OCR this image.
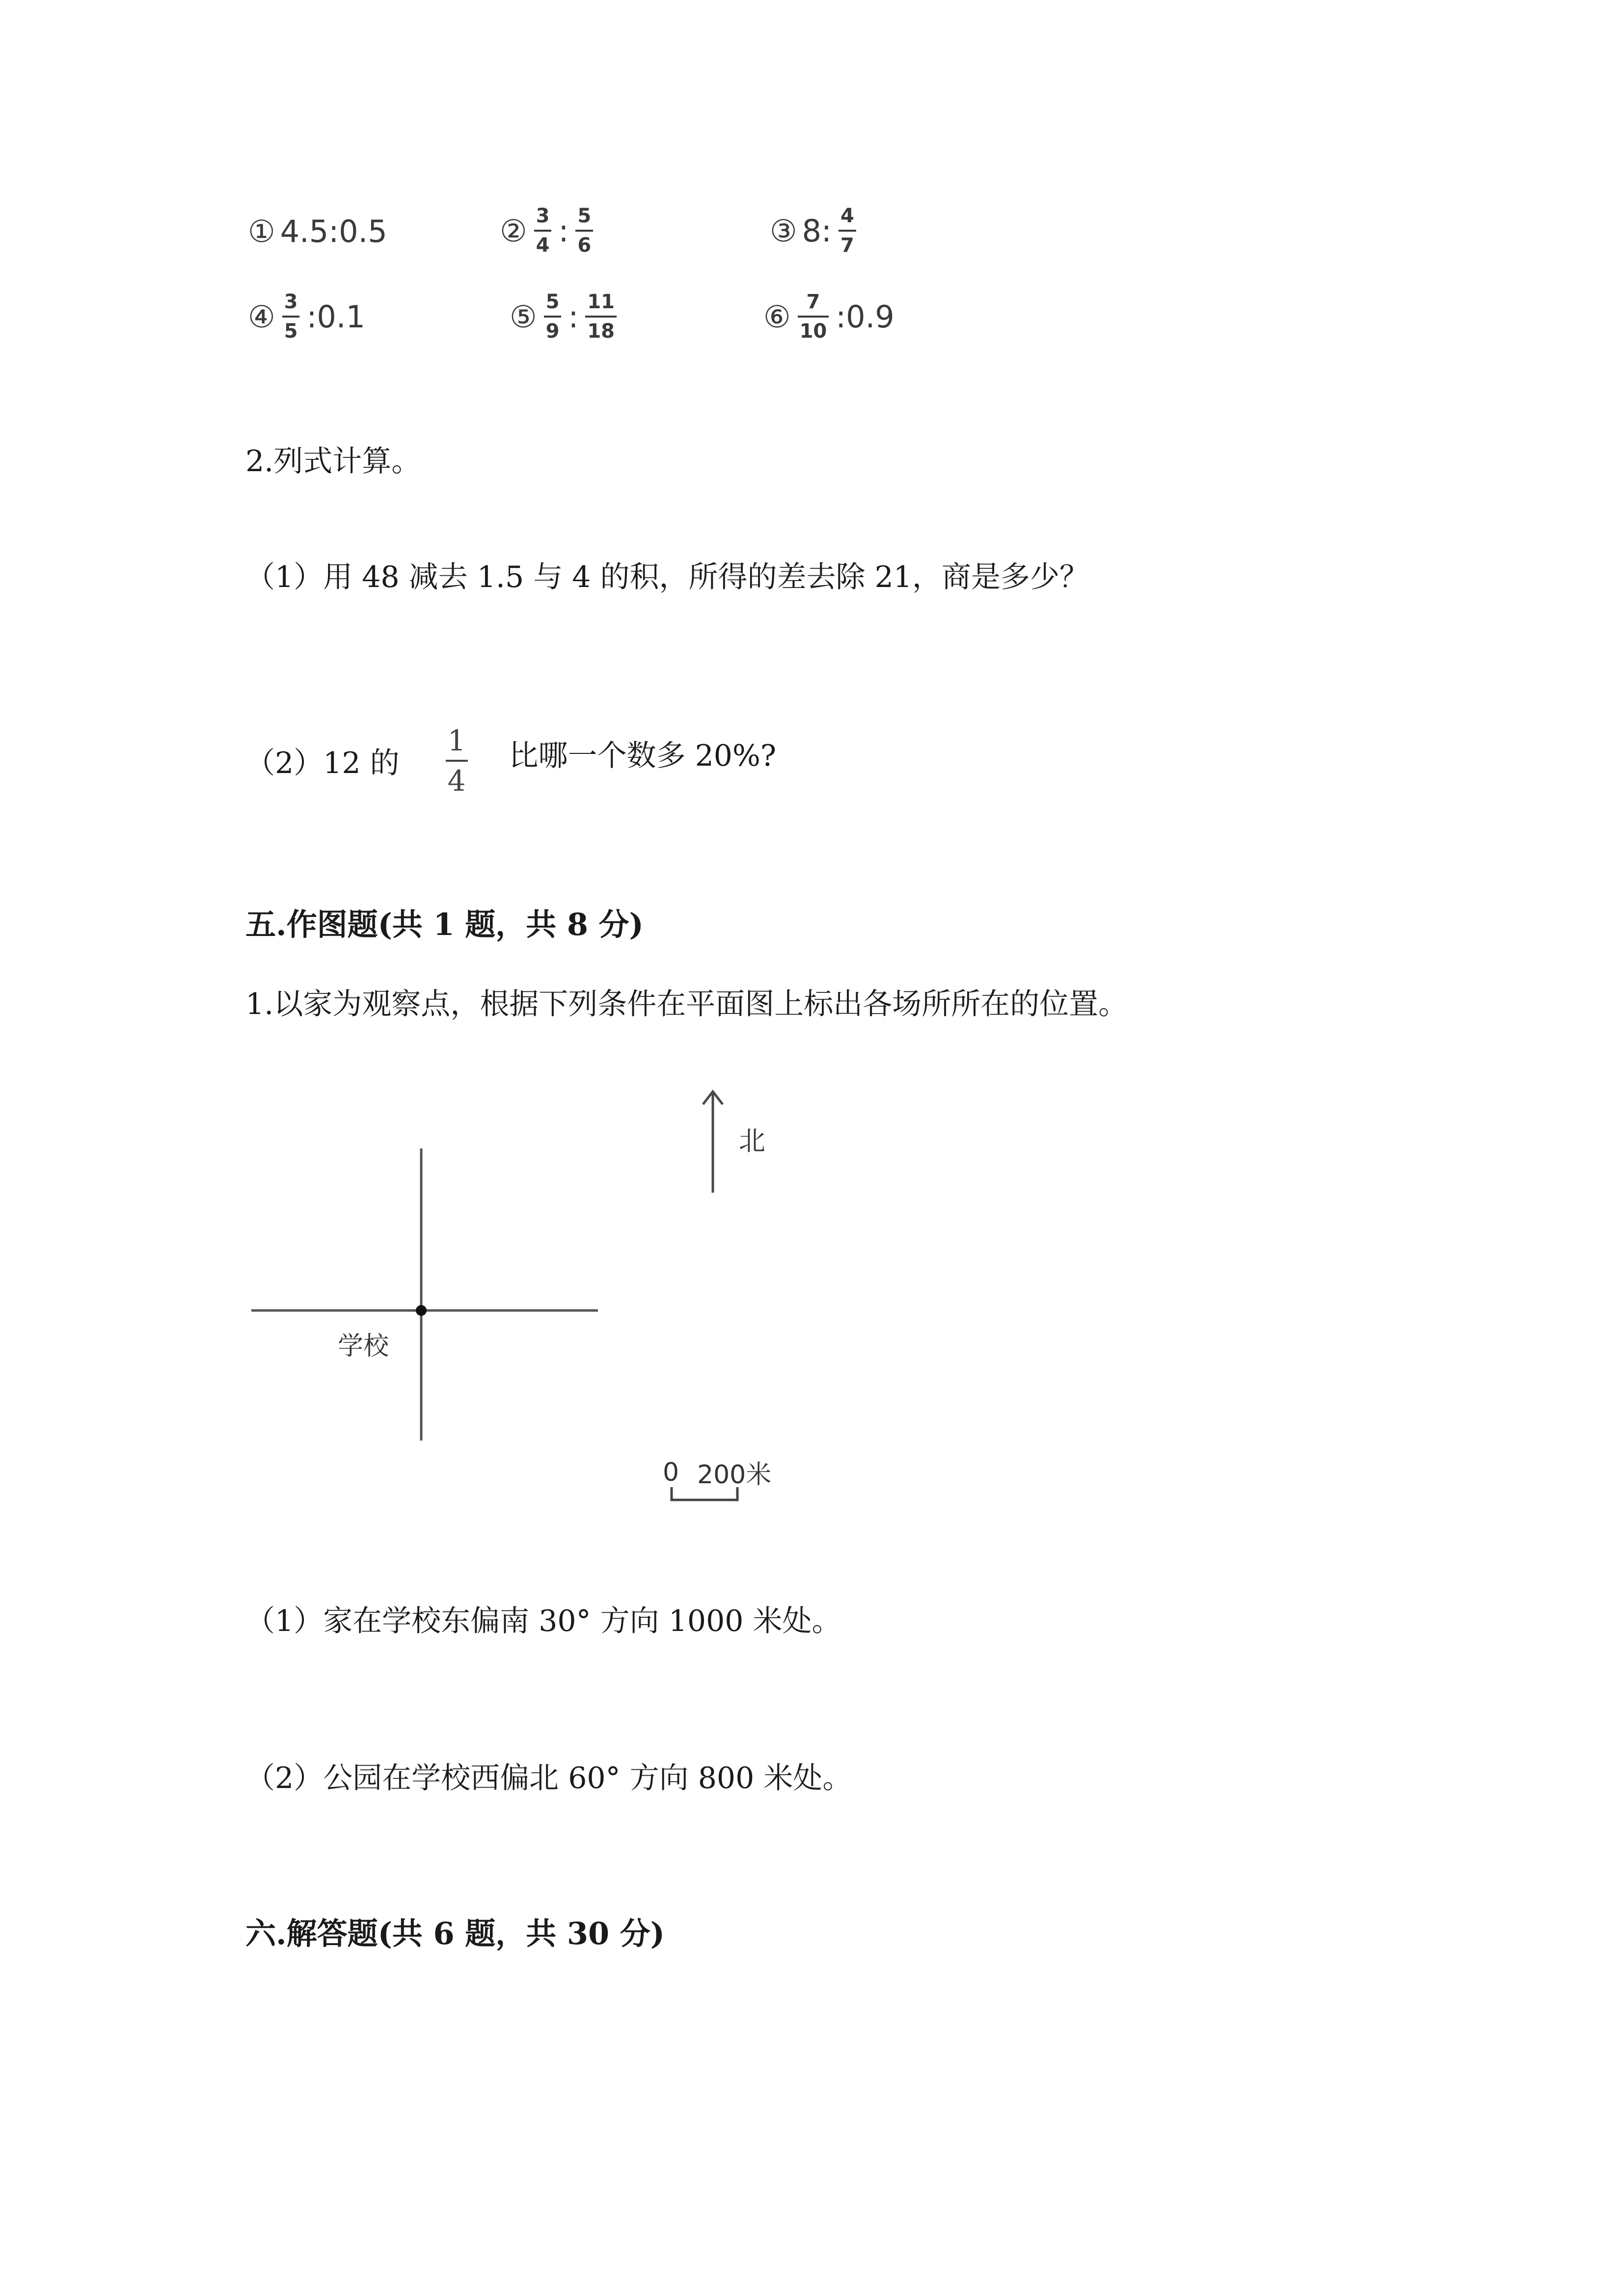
① 4.5:0.5	② $\frac{3}{4}$ : $\frac{5}{6}$	③ 8: $\frac{4}{7}$
④ $\frac{3}{5}$ :0.1	⑤ $\frac{5}{9}$ : $\frac{11}{18}$	⑥ $\frac{7}{10}$ :0.9
2.列式计算。
（1）用 48 减去 1.5 与 4 的积，所得的差去除 21，商是多少？
（2）12 的 $\frac{1}{4}$ 比哪一个数多 20%?
五.作图题(共 1 题，共 8 分)
1.以家为观察点，根据下列条件在平面图上标出各场所所在的位置。
北
学校
0 200米
（1）家在学校东偏南 30° 方向 1000 米处。
（2）公园在学校西偏北 60° 方向 800 米处。
六.解答题(共 6 题，共 30 分)
